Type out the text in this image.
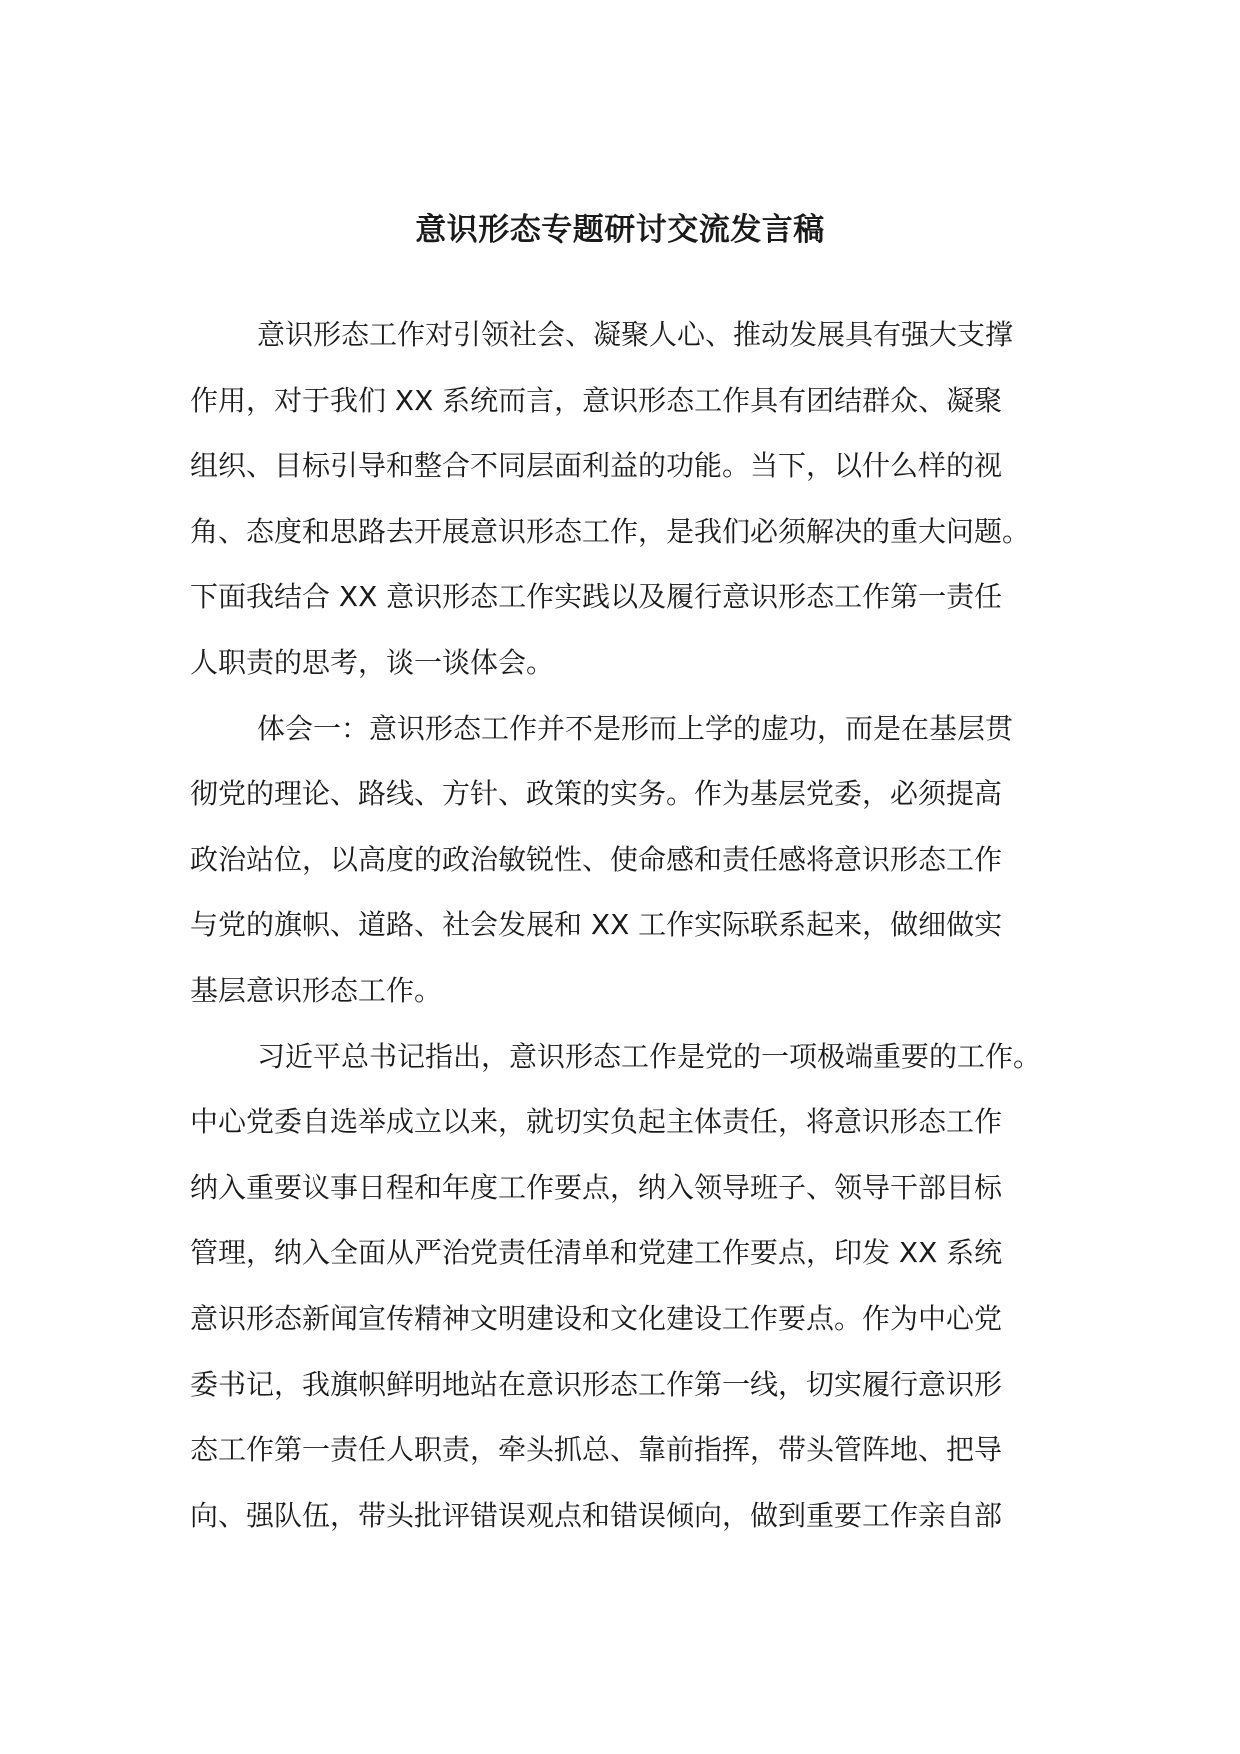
意识形态专题研讨交流发言稿
意识形态工作对引领社会、凝聚人心、推动发展具有强大支撑
作用，对于我们 XX 系统而言，意识形态工作具有团结群众、凝聚
组织、目标引导和整合不同层面利益的功能。当下，以什么样的视
角、态度和思路去开展意识形态工作，是我们必须解决的重大问题。
下面我结合 XX 意识形态工作实践以及履行意识形态工作第一责任
人职责的思考，谈一谈体会。
体会一：意识形态工作并不是形而上学的虚功，而是在基层贯
彻党的理论、路线、方针、政策的实务。作为基层党委，必须提高
政治站位，以高度的政治敏锐性、使命感和责任感将意识形态工作
与党的旗帜、道路、社会发展和 XX 工作实际联系起来，做细做实
基层意识形态工作。
习近平总书记指出，意识形态工作是党的一项极端重要的工作。
中心党委自选举成立以来，就切实负起主体责任，将意识形态工作
纳入重要议事日程和年度工作要点，纳入领导班子、领导干部目标
管理，纳入全面从严治党责任清单和党建工作要点，印发 XX 系统
意识形态新闻宣传精神文明建设和文化建设工作要点。作为中心党
委书记，我旗帜鲜明地站在意识形态工作第一线，切实履行意识形
态工作第一责任人职责，牵头抓总、靠前指挥，带头管阵地、把导
向、强队伍，带头批评错误观点和错误倾向，做到重要工作亲自部
